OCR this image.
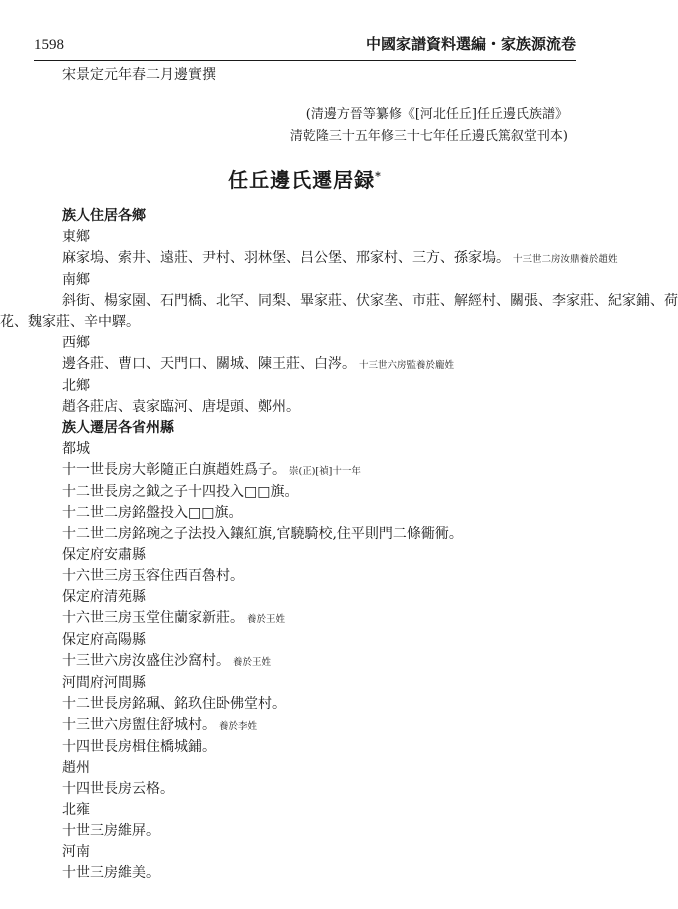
1598	中國家譜資料選編・家族源流卷
宋景定元年春二月邊實撰
(清邊方晉等纂修《[河北任丘]任丘邊氏族譜》
清乾隆三十五年修三十七年任丘邊氏篤叙堂刊本)
任丘邊氏遷居録*
族人住居各鄉
東鄉
麻家塢、索井、遠莊、尹村、羽林堡、吕公堡、邢家村、三方、孫家塢。 十三世二房汝鼎養於趙姓
南鄉
斜街、楊家園、石門橋、北罕、同梨、畢家莊、伏家垄、市莊、解經村、關張、李家莊、紀家鋪、荷
花、魏家莊、辛中驛。
西鄉
邊各莊、曹口、天門口、關城、陳王莊、白涔。 十三世六房監養於龐姓
北鄉
趙各莊店、袁家臨河、唐堤頭、鄭州。
族人遷居各省州縣
都城
十一世長房大彰隨正白旗趙姓爲子。 崇(正)[禎]十一年
十二世長房之鉞之子十四投入□□旗。
十二世二房銘盤投入□□旗。
十二世二房銘琬之子法投入鑲紅旗,官驍騎校,住平則門二條衚衕。
保定府安肅縣
十六世三房玉容住西百魯村。
保定府清苑縣
十六世三房玉堂住蘭家新莊。 養於王姓
保定府高陽縣
十三世六房汝盛住沙窩村。 養於王姓
河間府河間縣
十二世長房銘珮、銘玖住卧佛堂村。
十三世六房盥住舒城村。 養於李姓
十四世長房楫住橋城鋪。
趙州
十四世長房云格。
北雍
十世三房維屏。
河南
十世三房維美。
